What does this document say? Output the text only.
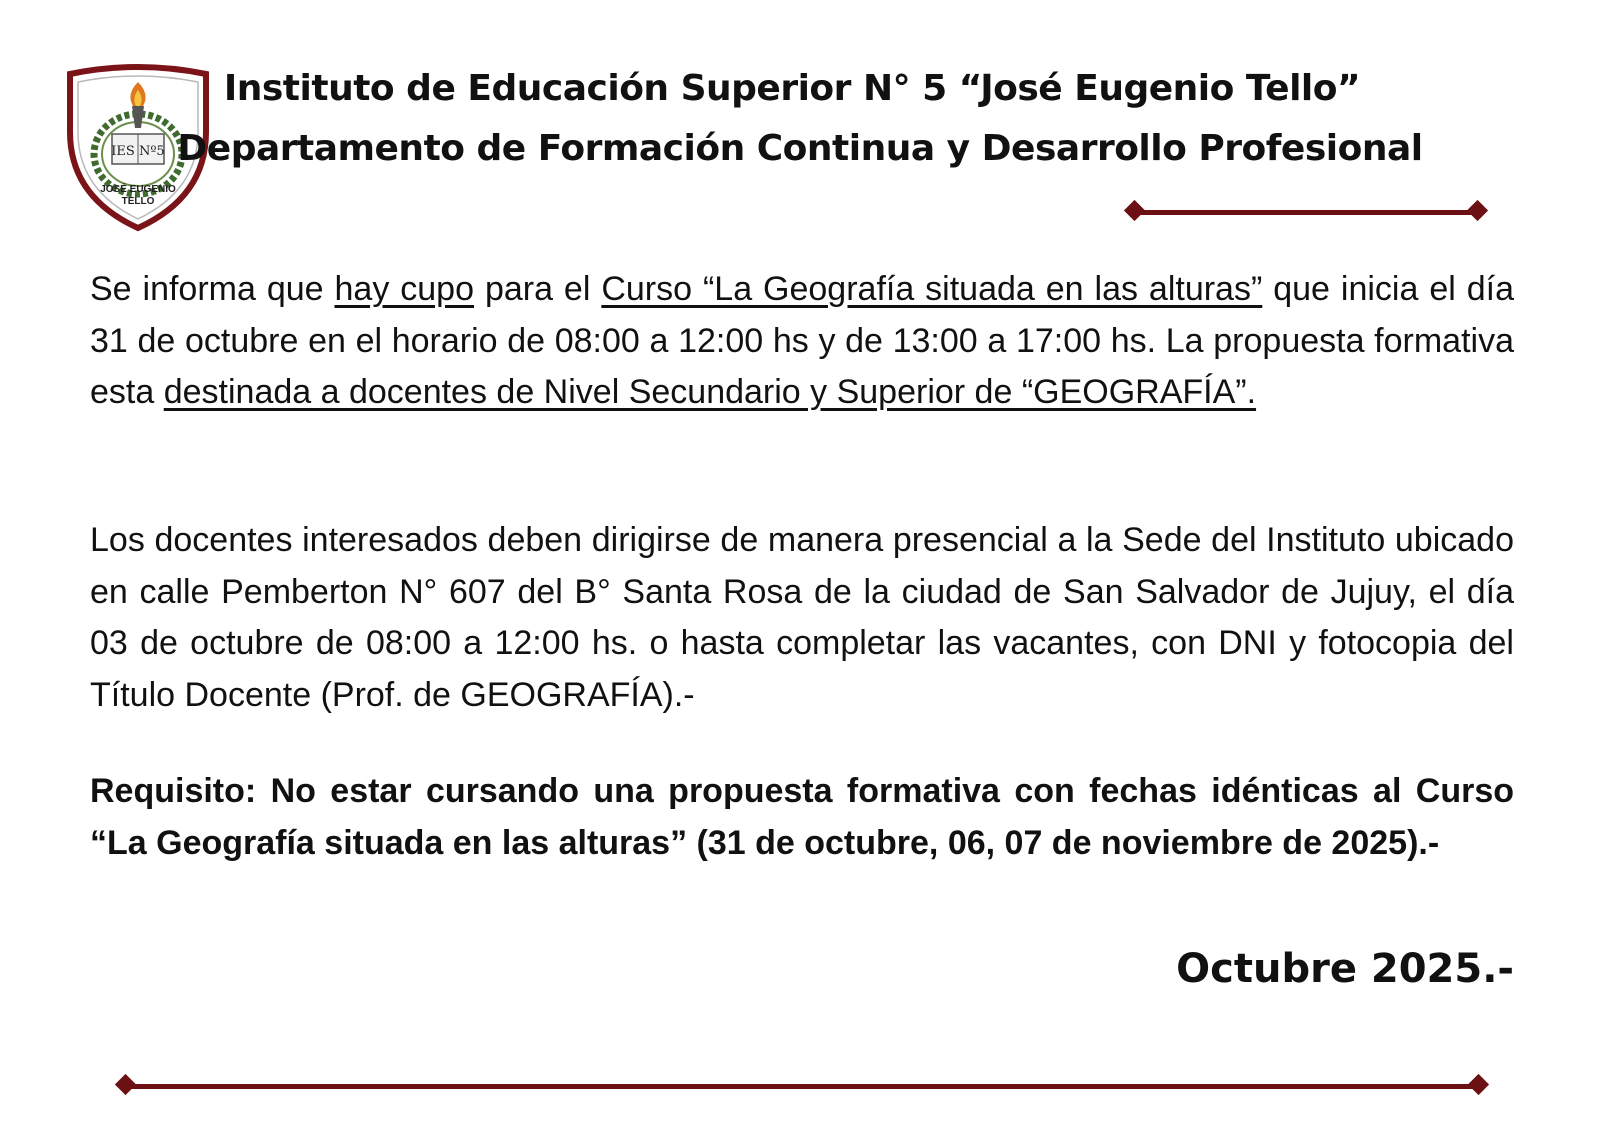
IES Nº5
JOSÉ EUGENIO
TELLO
Instituto de Educación Superior N° 5 “José Eugenio Tello”
Departamento de Formación Continua y Desarrollo Profesional
Se informa que hay cupo para el Curso “La Geografía situada en las alturas” que inicia el día 31 de octubre en el horario de 08:00 a 12:00 hs y de 13:00 a 17:00 hs. La propuesta formativa esta destinada a docentes de Nivel Secundario y Superior de “GEOGRAFÍA”.
Los docentes interesados deben dirigirse de manera presencial a la Sede del Instituto ubicado en calle Pemberton N° 607 del B° Santa Rosa de la ciudad de San Salvador de Jujuy, el día 03 de octubre de 08:00 a 12:00 hs. o hasta completar las vacantes, con DNI y fotocopia del Título Docente (Prof. de GEOGRAFÍA).-
Requisito: No estar cursando una propuesta formativa con fechas idénticas al Curso “La Geografía situada en las alturas” (31 de octubre, 06, 07 de noviembre de 2025).-
Octubre 2025.-
